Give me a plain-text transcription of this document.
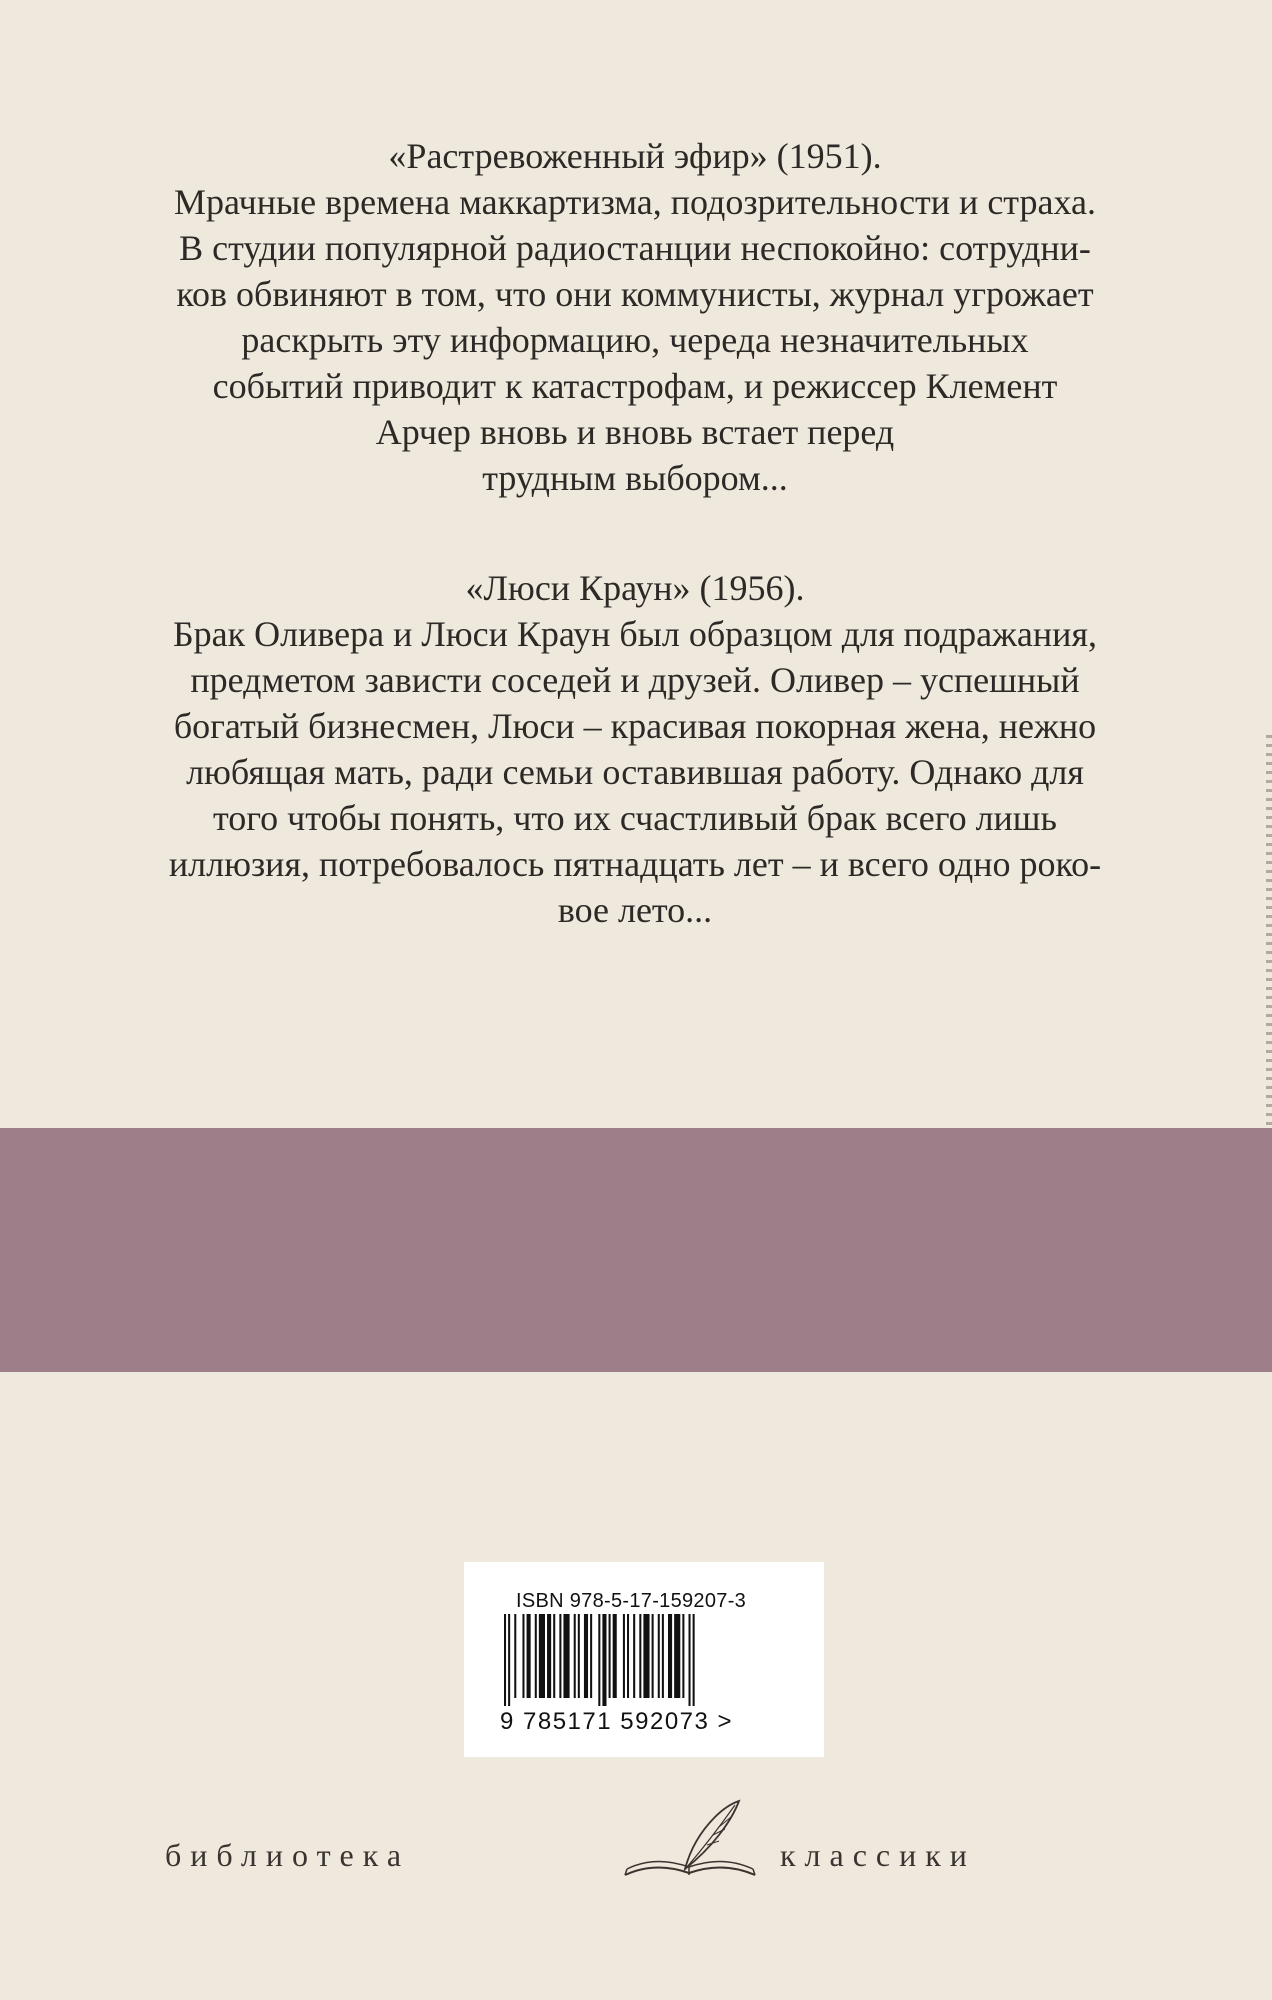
«Растревоженный эфир» (1951).

Мрачные времена маккартизма, подозрительности и страха.

В студии популярной радиостанции неспокойно: сотрудни-

ков обвиняют в том, что они коммунисты, журнал угрожает

раскрыть эту информацию, череда незначительных

событий приводит к катастрофам, и режиссер Клемент

Арчер вновь и вновь встает перед

трудным выбором...

«Люси Краун» (1956).

Брак Оливера и Люси Краун был образцом для подражания,

предметом зависти соседей и друзей. Оливер – успешный

богатый бизнесмен, Люси – красивая покорная жена, нежно

любящая мать, ради семьи оставившая работу. Однако для

того чтобы понять, что их счастливый брак всего лишь

иллюзия, потребовалось пятнадцать лет – и всего одно роко-

вое лето...

ISBN 978-5-17-159207-3
9 785171 592073 >
библиотека	классики
